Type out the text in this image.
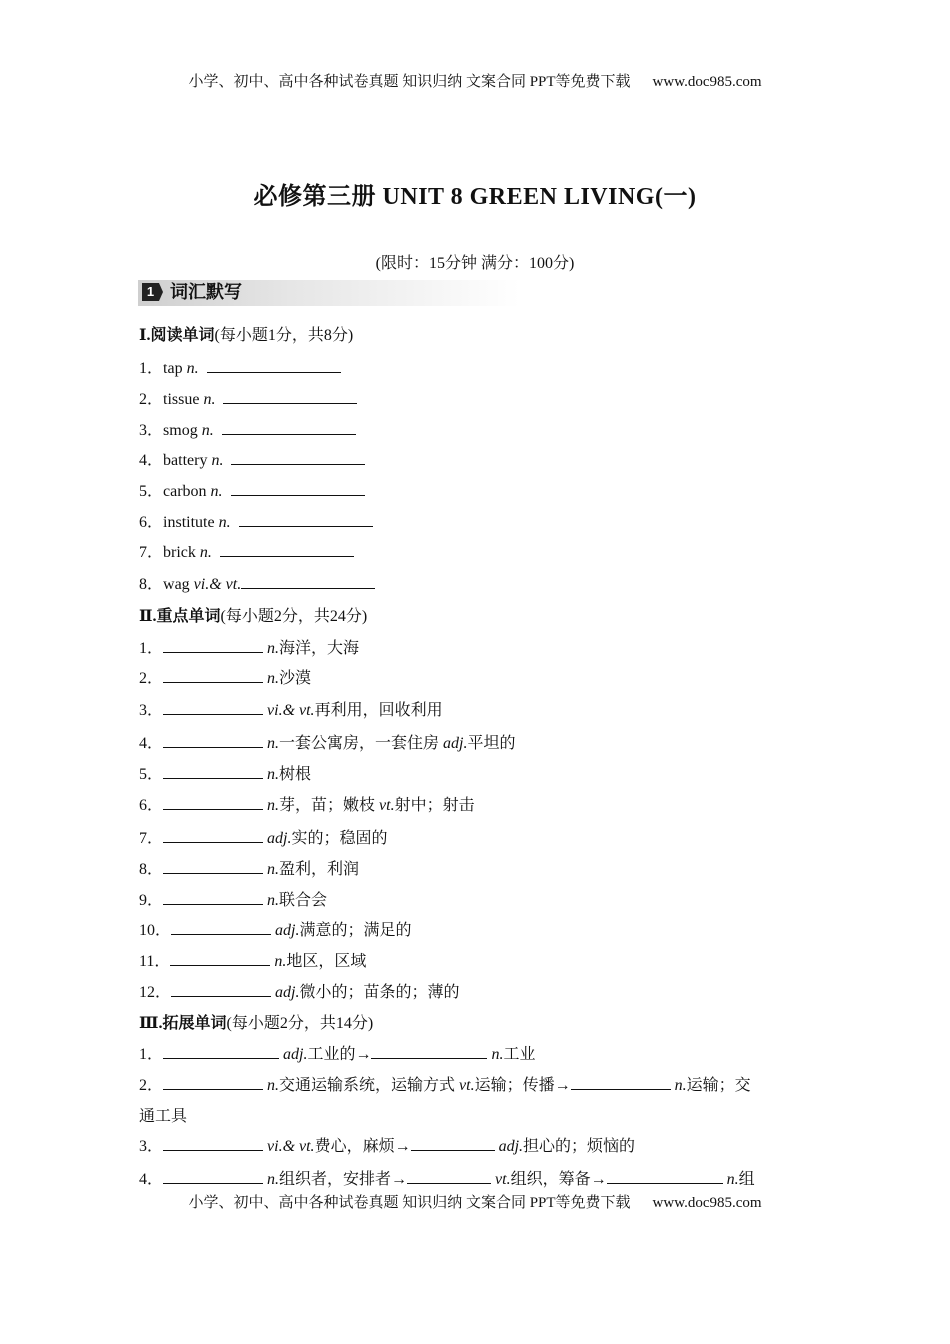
小学、初中、高中各种试卷真题 知识归纳 文案合同 PPT等免费下载 www.doc985.com
必修第三册 UNIT 8 GREEN LIVING(一)
(限时：15分钟 满分：100分)
1 词汇默写
Ⅰ.阅读单词(每小题1分，共8分)
1．tap n.
2．tissue n.
3．smog n.
4．battery n.
5．carbon n.
6．institute n.
7．brick n.
8．wag vi.& vt.
Ⅱ.重点单词(每小题2分，共24分)
1．	n.海洋，大海
2．	n.沙漠
3．	vi.& vt.再利用，回收利用
4．	n.一套公寓房，一套住房 adj.平坦的
5．	n.树根
6．	n.芽，苗；嫩枝 vt.射中；射击
7．	adj.实的；稳固的
8．	n.盈利，利润
9．	n.联合会
10．	adj.满意的；满足的
11．	n.地区，区域
12．	adj.微小的；苗条的；薄的
Ⅲ.拓展单词(每小题2分，共14分)
1．	adj.工业的→	n.工业
2．	n.交通运输系统，运输方式 vt.运输；传播→	n.运输；交
通工具
3．	vi.& vt.费心，麻烦→	adj.担心的；烦恼的
4．	n.组织者，安排者→	vt.组织，筹备→	n.组
小学、初中、高中各种试卷真题 知识归纳 文案合同 PPT等免费下载 www.doc985.com
